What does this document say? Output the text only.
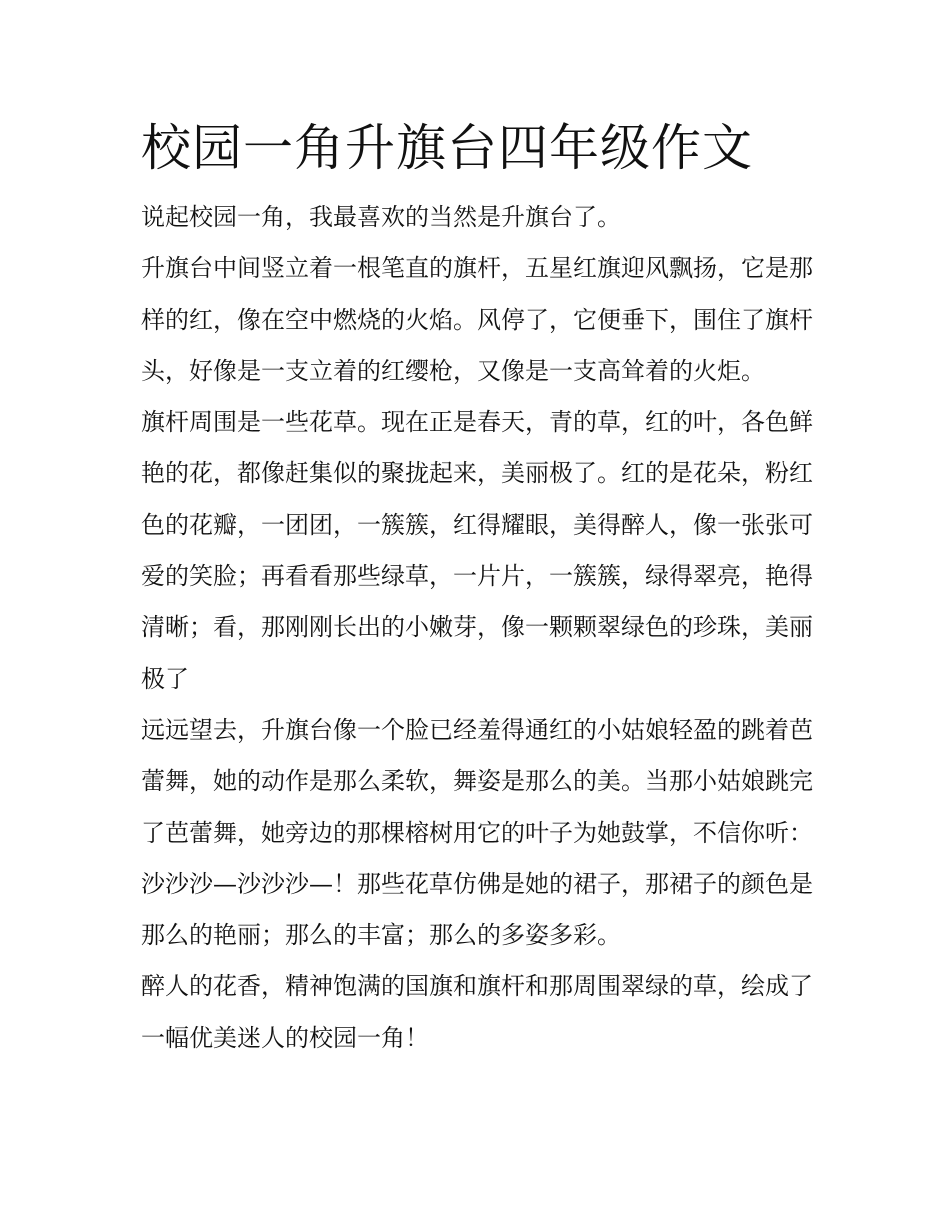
校园一角升旗台四年级作文

说起校园一角，我最喜欢的当然是升旗台了。

升旗台中间竖立着一根笔直的旗杆，五星红旗迎风飘扬，它是那样的红，像在空中燃烧的火焰。风停了，它便垂下，围住了旗杆头，好像是一支立着的红缨枪，又像是一支高耸着的火炬。

旗杆周围是一些花草。现在正是春天，青的草，红的叶，各色鲜艳的花，都像赶集似的聚拢起来，美丽极了。红的是花朵，粉红色的花瓣，一团团，一簇簇，红得耀眼，美得醉人，像一张张可爱的笑脸；再看看那些绿草，一片片，一簇簇，绿得翠亮，艳得清晰；看，那刚刚长出的小嫩芽，像一颗颗翠绿色的珍珠，美丽极了

远远望去，升旗台像一个脸已经羞得通红的小姑娘轻盈的跳着芭蕾舞，她的动作是那么柔软，舞姿是那么的美。当那小姑娘跳完了芭蕾舞，她旁边的那棵榕树用它的叶子为她鼓掌，不信你听：沙沙沙—沙沙沙—！那些花草仿佛是她的裙子，那裙子的颜色是那么的艳丽；那么的丰富；那么的多姿多彩。

醉人的花香，精神饱满的国旗和旗杆和那周围翠绿的草，绘成了一幅优美迷人的校园一角！
